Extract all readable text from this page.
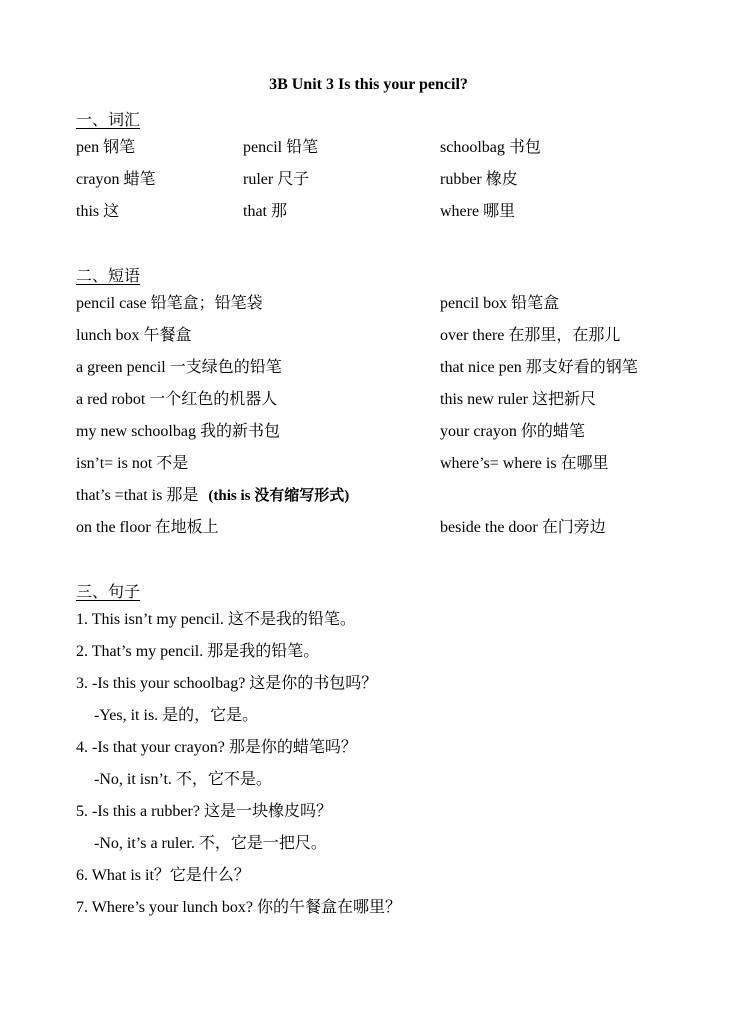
3B Unit 3 Is this your pencil?
一、词汇
pen 钢笔	pencil 铅笔	schoolbag 书包
crayon 蜡笔	ruler 尺子	rubber 橡皮
this 这	that 那	where 哪里
二、短语
pencil case 铅笔盒；铅笔袋	pencil box 铅笔盒
lunch box 午餐盒	over there 在那里，在那儿
a green pencil 一支绿色的铅笔	that nice pen 那支好看的钢笔
a red robot 一个红色的机器人	this new ruler 这把新尺
my new schoolbag 我的新书包	your crayon 你的蜡笔
isn’t= is not 不是	where’s= where is 在哪里
that’s =that is 那是 (this is 没有缩写形式)
on the floor 在地板上	beside the door 在门旁边
三、句子
1. This isn’t my pencil. 这不是我的铅笔。
2. That’s my pencil. 那是我的铅笔。
3. -Is this your schoolbag? 这是你的书包吗？
-Yes, it is. 是的，它是。
4. -Is that your crayon? 那是你的蜡笔吗？
-No, it isn’t. 不，它不是。
5. -Is this a rubber? 这是一块橡皮吗？
-No, it’s a ruler. 不，它是一把尺。
6. What is it？它是什么？
7. Where’s your lunch box? 你的午餐盒在哪里？
